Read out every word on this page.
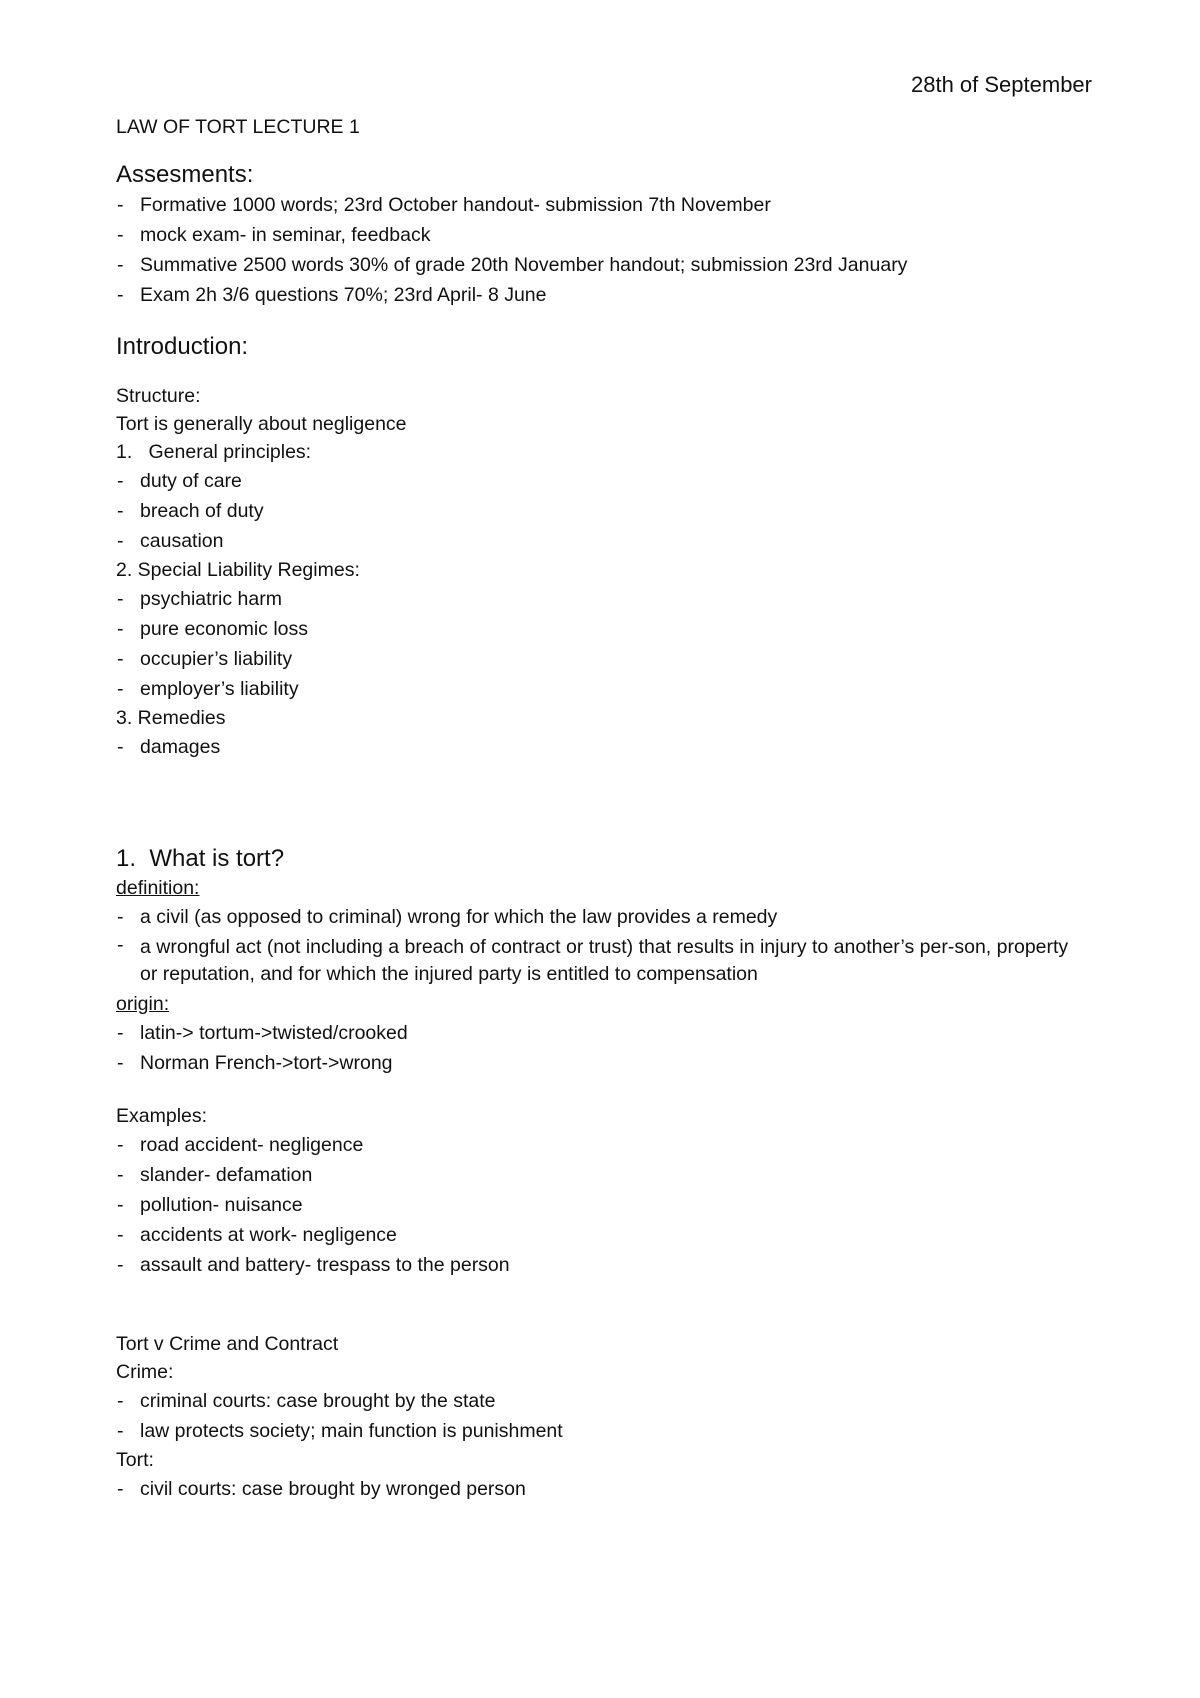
28th of September

LAW OF TORT LECTURE 1

Assesments:

- Formative 1000 words; 23rd October handout- submission 7th November
- mock exam- in seminar, feedback
- Summative 2500 words 30% of grade 20th November handout; submission 23rd January
- Exam 2h 3/6 questions 70%; 23rd April- 8 June

Introduction:

Structure:

Tort is generally about negligence

1.   General principles:

- duty of care
- breach of duty
- causation

2. Special Liability Regimes:

- psychiatric harm
- pure economic loss
- occupier’s liability
- employer’s liability

3. Remedies

- damages

1.  What is tort?

definition:

- a civil (as opposed to criminal) wrong for which the law provides a remedy
- a wrongful act (not including a breach of contract or trust) that results in injury to another’s per-son, property or reputation, and for which the injured party is entitled to compensation

origin:

- latin-> tortum->twisted/crooked
- Norman French->tort->wrong

Examples:

- road accident- negligence
- slander- defamation
- pollution- nuisance
- accidents at work- negligence
- assault and battery- trespass to the person

Tort v Crime and Contract

Crime:

- criminal courts: case brought by the state
- law protects society; main function is punishment

Tort:

- civil courts: case brought by wronged person
